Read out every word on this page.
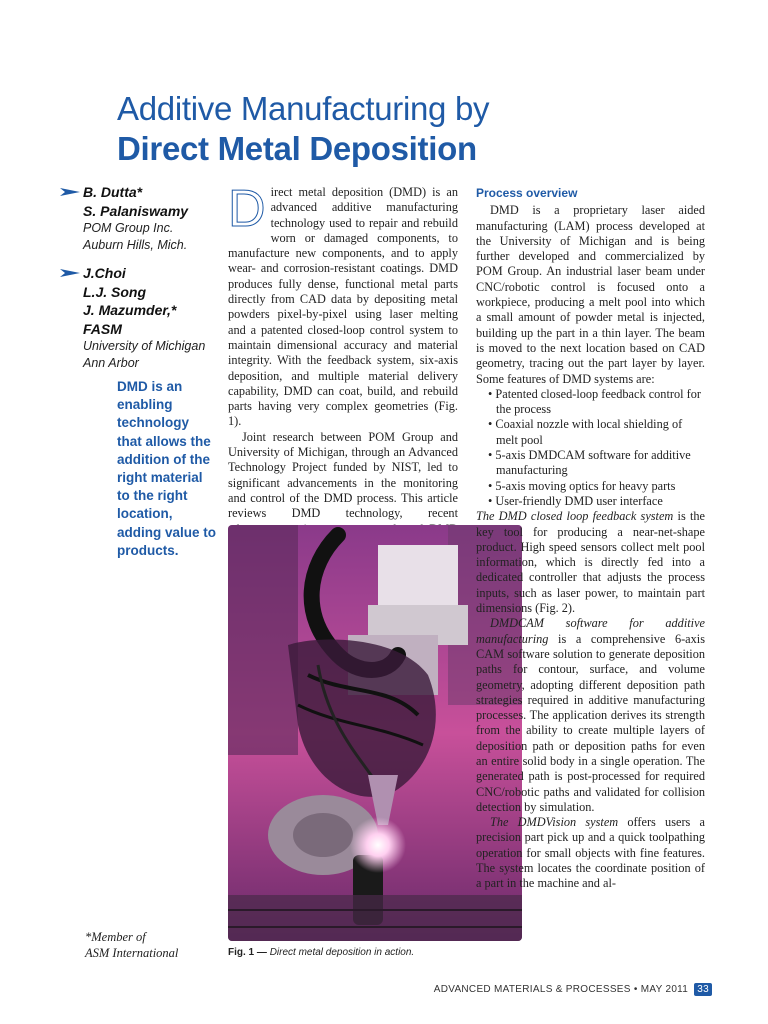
Additive Manufacturing by
Direct Metal Deposition
B. Dutta*
S. Palaniswamy
POM Group Inc.
Auburn Hills, Mich.
J.Choi
L.J. Song
J. Mazumder,*
FASM
University of Michigan
Ann Arbor
DMD is an enabling technology that allows the addition of the right material to the right location, adding value to products.
*Member of
ASM International

Direct metal deposition (DMD) is an advanced additive manufacturing technology used to repair and rebuild worn or damaged components, to manufacture new components, and to apply wear- and corrosion-resistant coatings. DMD produces fully dense, functional metal parts directly from CAD data by depositing metal powders pixel-by-pixel using laser melting and a patented closed-loop control system to maintain dimensional accuracy and material integrity. With the feedback system, six-axis deposition, and multiple material delivery capability, DMD can coat, build, and rebuild parts having very complex geometries (Fig. 1).

Joint research between POM Group and University of Michigan, through an Advanced Technology Project funded by NIST, led to significant advancements in the monitoring and control of the DMD process. This article reviews DMD technology, recent

Fig. 1 — Direct metal deposition in action.
Process overview

DMD is a proprietary laser aided manufacturing (LAM) process developed at the University of Michigan and is being further developed and commercialized by POM Group. An industrial laser beam under CNC/robotic control is focused onto a workpiece, producing a melt pool into which a small amount of powder metal is injected, building up the part in a thin layer. The beam is moved to the next location based on CAD geometry, tracing out the part layer by layer. Some features of DMD systems are:

• Patented closed-loop feedback control for the process
• Coaxial nozzle with local shielding of melt pool
• 5-axis DMDCAM software for additive manufacturing
• 5-axis moving optics for heavy parts
• User-friendly DMD user interface

The DMD closed loop feedback system is the key tool for producing a near-net-shape product. High speed sensors collect melt pool information, which is directly fed into a dedicated controller that adjusts the process inputs, such as laser power, to maintain part dimensions (Fig. 2).

DMDCAM software for additive manufacturing is a comprehensive 6-axis CAM software solution to generate deposition paths for contour, surface, and volume geometry, adopting different deposition path strategies required in additive manufacturing processes. The application derives its strength from the ability to create multiple layers of deposition path or deposition paths for even an entire solid body in a single operation. The generated path is post-processed for required CNC/robotic paths and validated for collision detection by simulation.

The DMDVision system offers users a precision part pick up and a quick toolpathing operation for small objects with fine features. The system locates the coordinate position of a part in the machine and al-

ADVANCED MATERIALS & PROCESSES • MAY 2011 33
